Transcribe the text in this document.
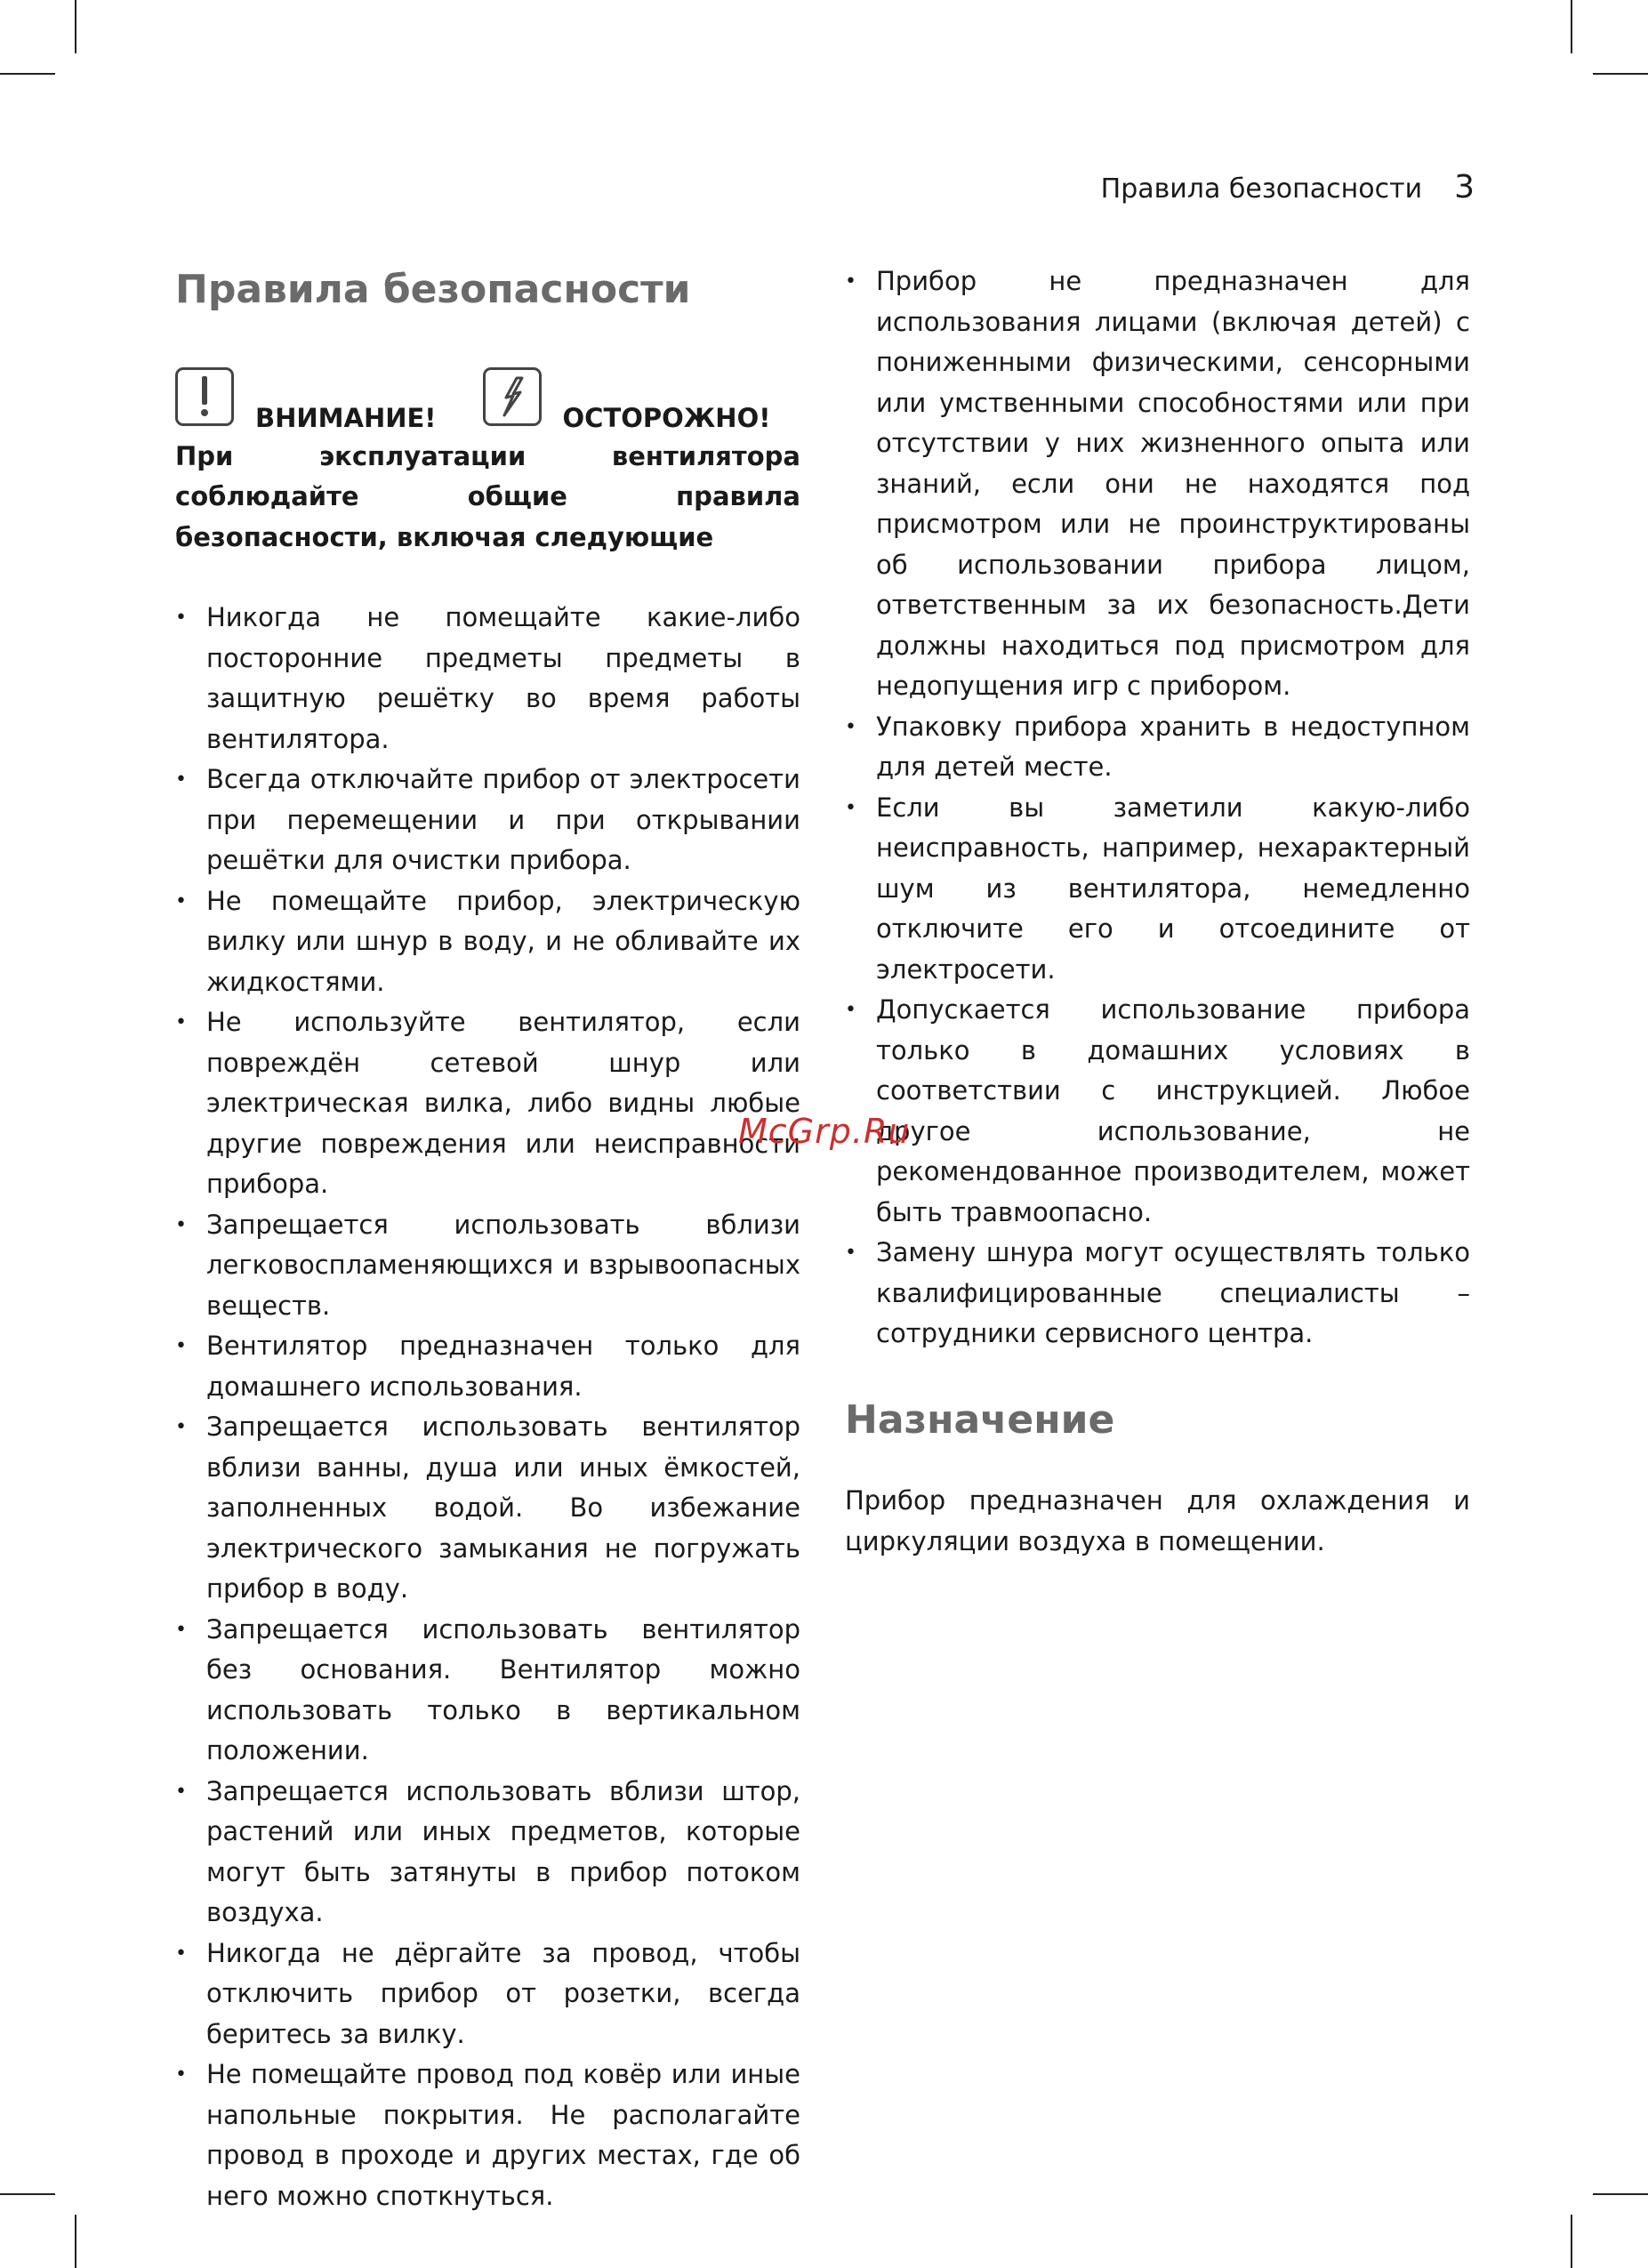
Правила безопасности 3
Правила безопасности
ВНИМАНИЕ!	ОСТОРОЖНО!

При эксплуатации вентилятора соблюдайте общие правила безопасности, включая следующие

• Никогда не помещайте какие-либо посторонние предметы предметы в защитную решётку во время работы вентилятора.
• Всегда отключайте прибор от электросети при перемещении и при открывании решётки для очистки прибора.
• Не помещайте прибор, электрическую вилку или шнур в воду, и не обливайте их жидкостями.
• Не используйте вентилятор, если повреждён сетевой шнур или электрическая вилка, либо видны любые другие повреждения или неисправности прибора.
• Запрещается использовать вблизи легковоспламеняющихся и взрывоопасных веществ.
• Вентилятор предназначен только для домашнего использования.
• Запрещается использовать вентилятор вблизи ванны, душа или иных ёмкостей, заполненных водой. Во избежание электрического замыкания не погружать прибор в воду.
• Запрещается использовать вентилятор без основания. Вентилятор можно использовать только в вертикальном положении.
• Запрещается использовать вблизи штор, растений или иных предметов, которые могут быть затянуты в прибор потоком воздуха.
• Никогда не дёргайте за провод, чтобы отключить прибор от розетки, всегда беритесь за вилку.
• Не помещайте провод под ковёр или иные напольные покрытия. Не располагайте провод в проходе и других местах, где об него можно споткнуться.
• Прибор не предназначен для использования лицами (включая детей) с пониженными физическими, сенсорными или умственными способностями или при отсутствии у них жизненного опыта или знаний, если они не находятся под присмотром или не проинструктированы об использовании прибора лицом, ответственным за их безопасность.Дети должны находиться под присмотром для недопущения игр с прибором.
• Упаковку прибора хранить в недоступном для детей месте.
• Если вы заметили какую-либо неисправность, например, нехарактерный шум из вентилятора, немедленно отключите его и отсоедините от электросети.
• Допускается использование прибора только в домашних условиях в соответствии с инструкцией. Любое другое использование, не рекомендованное производителем, может быть травмоопасно.
• Замену шнура могут осуществлять только квалифицированные специалисты – сотрудники сервисного центра.
Назначение

Прибор предназначен для охлаждения и циркуляции воздуха в помещении.

McGrp.Ru
